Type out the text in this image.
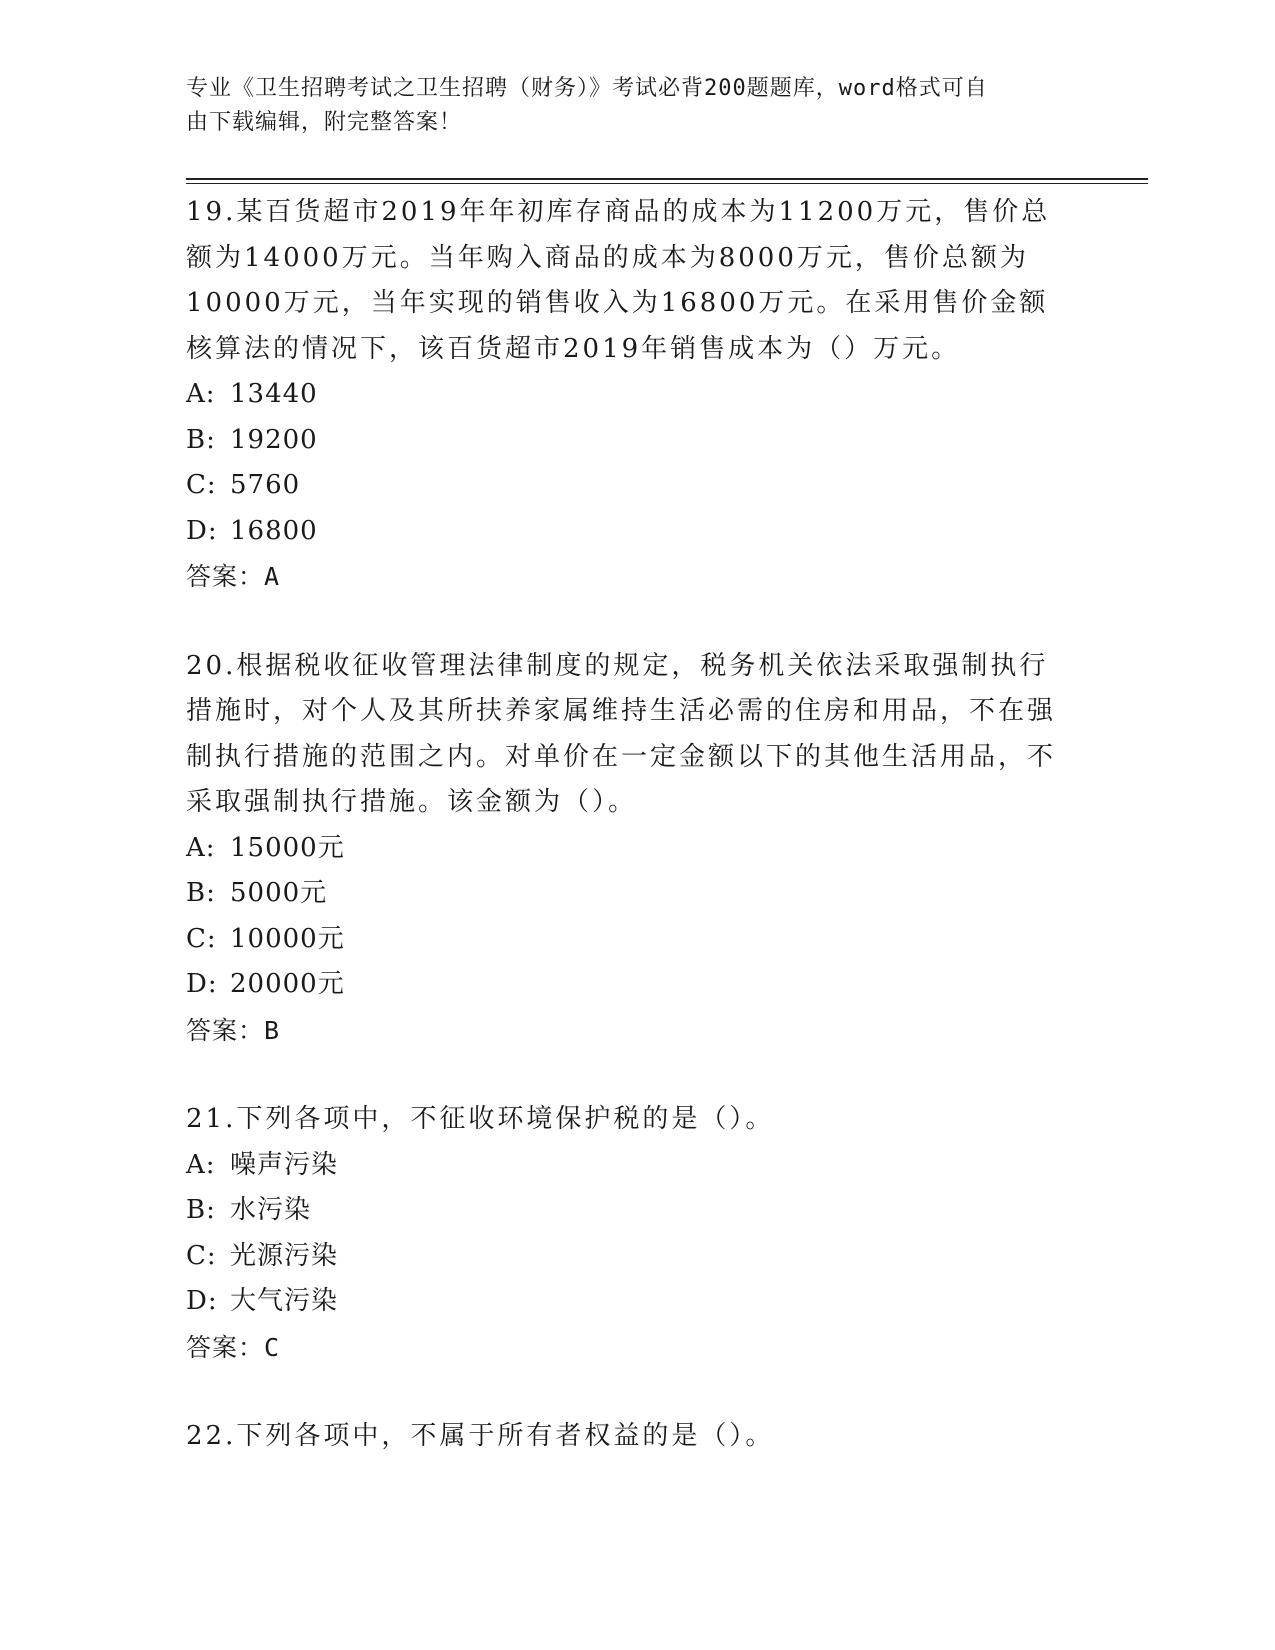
专业《卫生招聘考试之卫生招聘（财务）》考试必背200题题库，word格式可自
由下载编辑，附完整答案！

19.某百货超市2019年年初库存商品的成本为11200万元，售价总额为14000万元。当年购入商品的成本为8000万元，售价总额为10000万元，当年实现的销售收入为16800万元。在采用售价金额核算法的情况下，该百货超市2019年销售成本为（）万元。

A: 13440

B: 19200

C: 5760

D: 16800

答案：A

20.根据税收征收管理法律制度的规定，税务机关依法采取强制执行措施时，对个人及其所扶养家属维持生活必需的住房和用品，不在强制执行措施的范围之内。对单价在一定金额以下的其他生活用品，不采取强制执行措施。该金额为（）。

A: 15000元

B: 5000元

C: 10000元

D: 20000元

答案：B

21.下列各项中，不征收环境保护税的是（）。

A: 噪声污染

B: 水污染

C: 光源污染

D: 大气污染

答案：C

22.下列各项中，不属于所有者权益的是（）。
